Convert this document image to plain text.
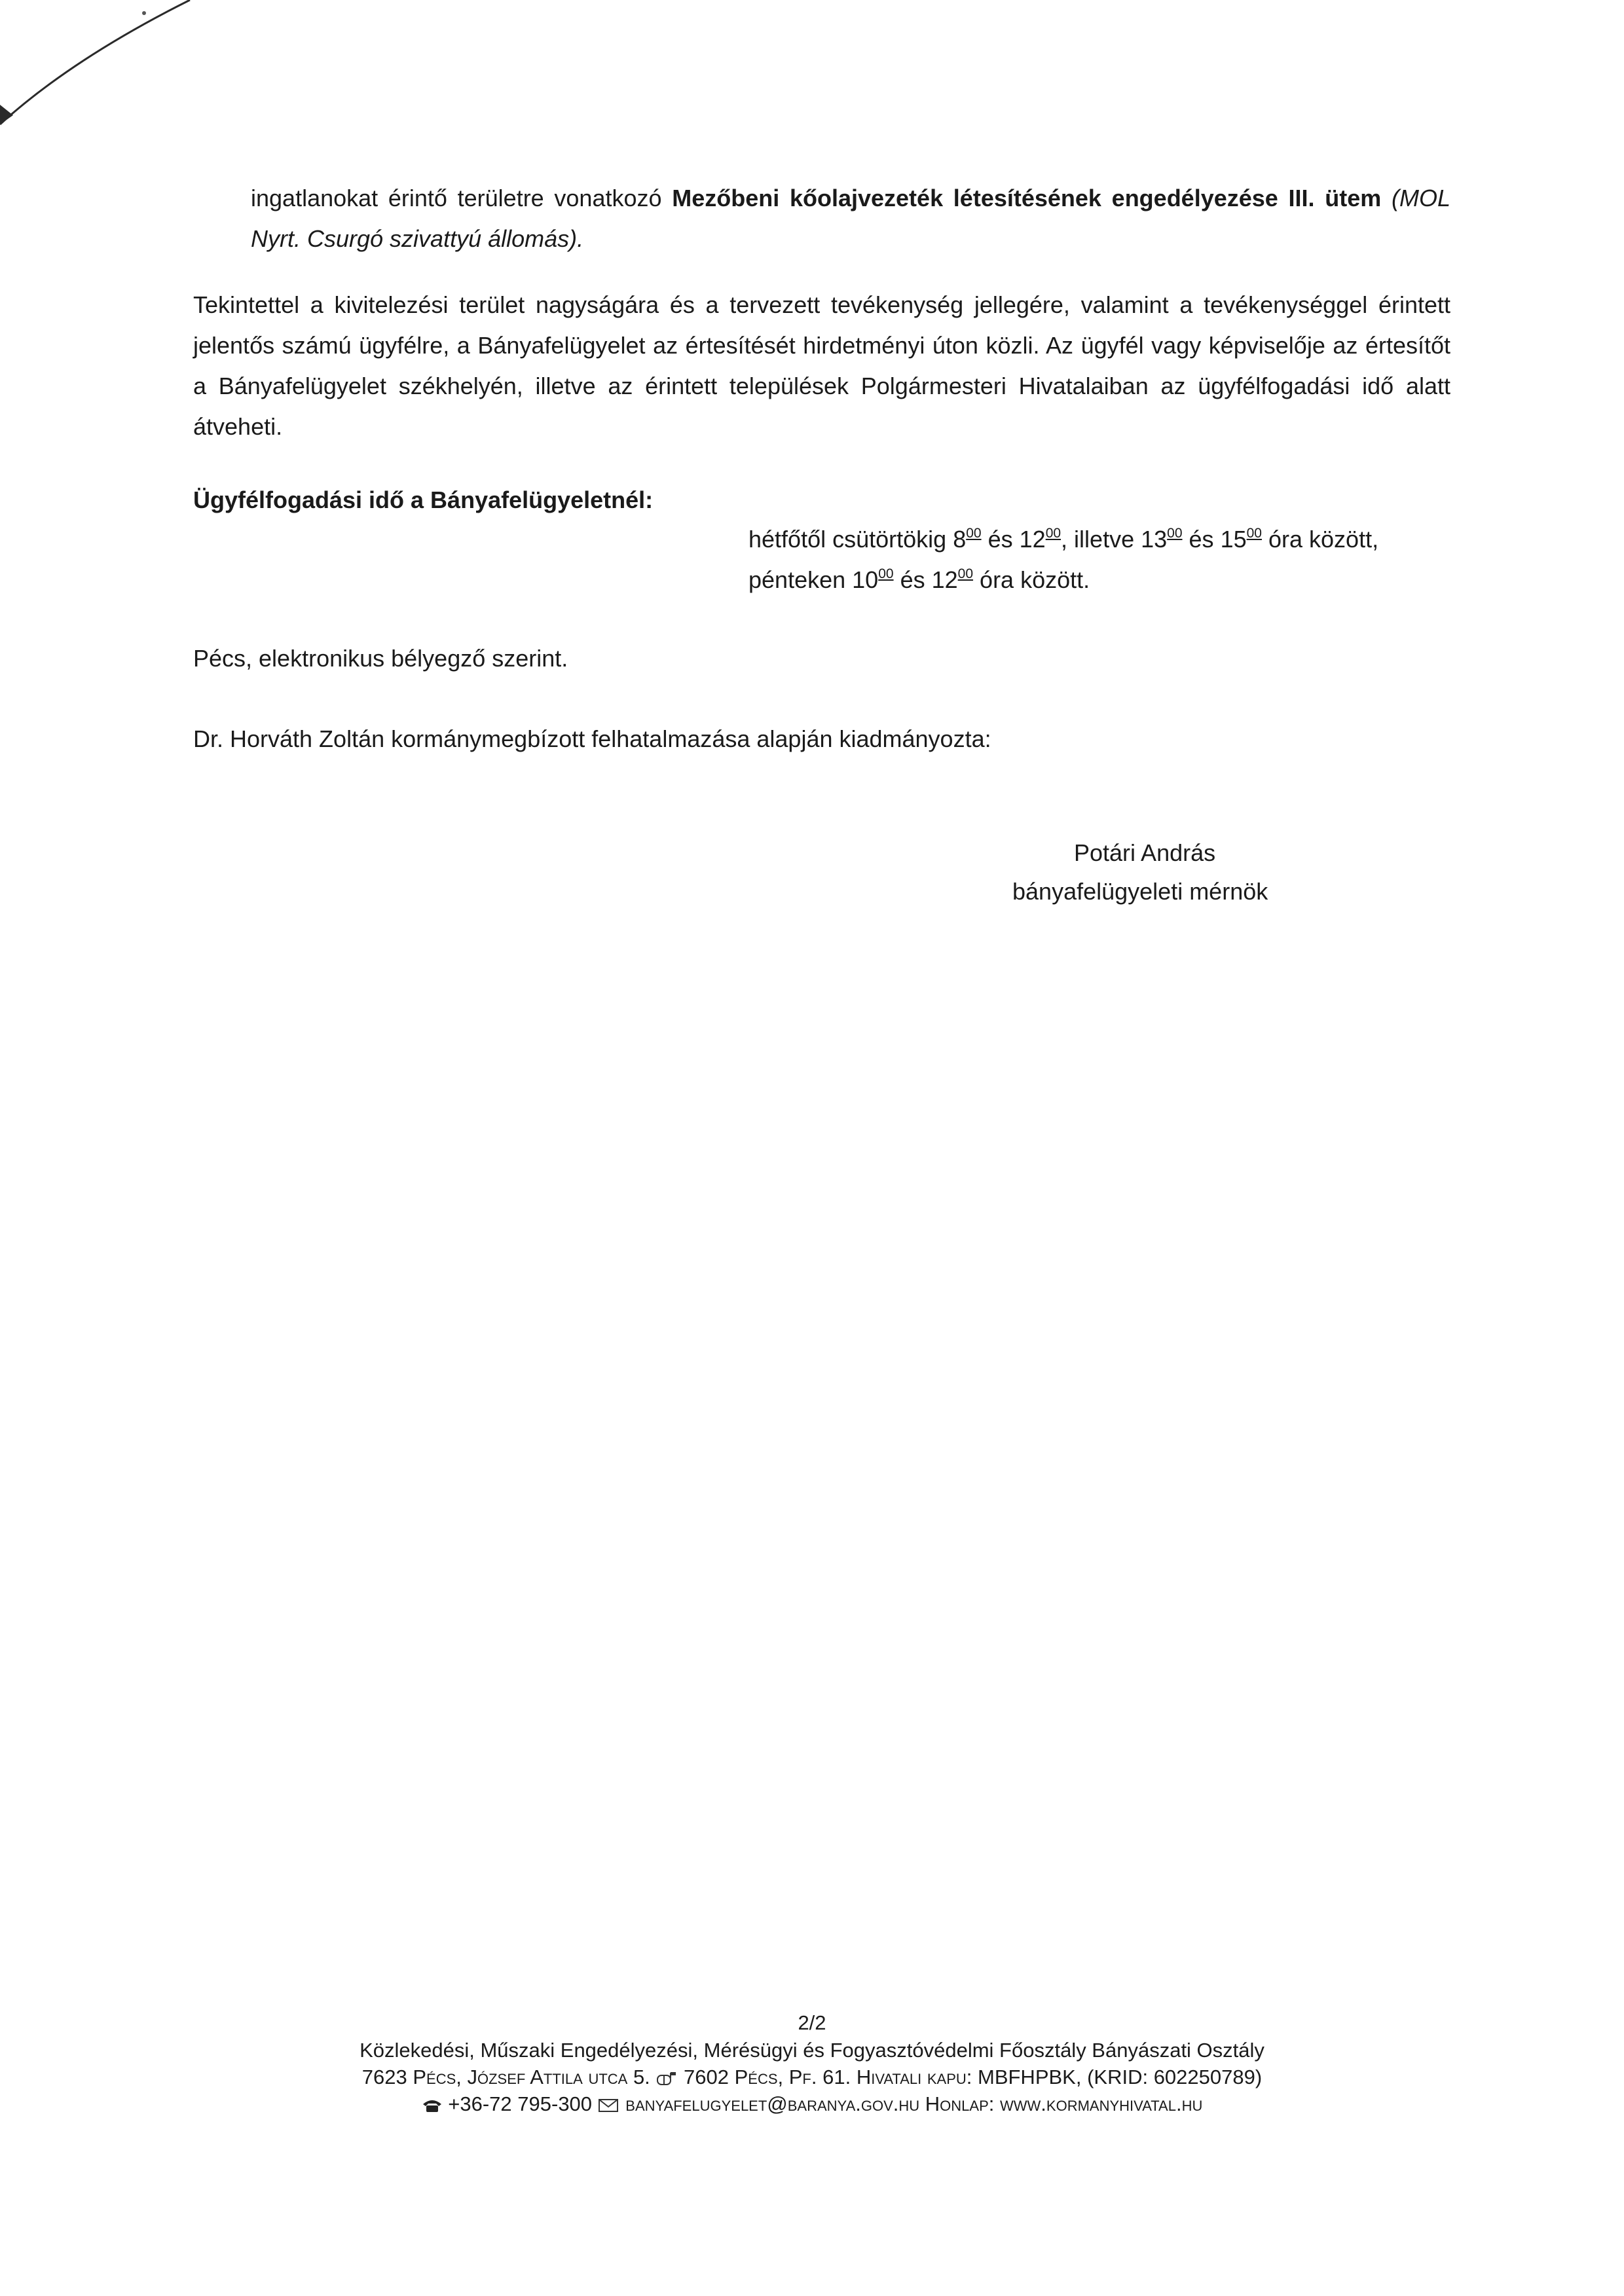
ingatlanokat érintő területre vonatkozó Mezőbeni kőolajvezeték létesítésének engedélyezése III. ütem (MOL Nyrt. Csurgó szivattyú állomás).
Tekintettel a kivitelezési terület nagyságára és a tervezett tevékenység jellegére, valamint a tevékenységgel érintett jelentős számú ügyfélre, a Bányafelügyelet az értesítését hirdetményi úton közli. Az ügyfél vagy képviselője az értesítőt a Bányafelügyelet székhelyén, illetve az érintett települések Polgármesteri Hivatalaiban az ügyfélfogadási idő alatt átveheti.
Ügyfélfogadási idő a Bányafelügyeletnél:
hétfőtől csütörtökig $8^{00}$ és $12^{00}$, illetve $13^{00}$ és $15^{00}$ óra között,
pénteken $10^{00}$ és $12^{00}$ óra között.
Pécs, elektronikus bélyegző szerint.
Dr. Horváth Zoltán kormánymegbízott felhatalmazása alapján kiadmányozta:
Potári András
bányafelügyeleti mérnök
2/2
Közlekedési, Műszaki Engedélyezési, Mérésügyi és Fogyasztóvédelmi Főosztály Bányászati Osztály
7623 Pécs, József Attila utca 5. 7602 Pécs, Pf. 61. Hivatali kapu: MBFHPBK, (KRID: 602250789)
+36-72 795-300 banyafelugyelet@baranya.gov.hu Honlap: www.kormanyhivatal.hu
